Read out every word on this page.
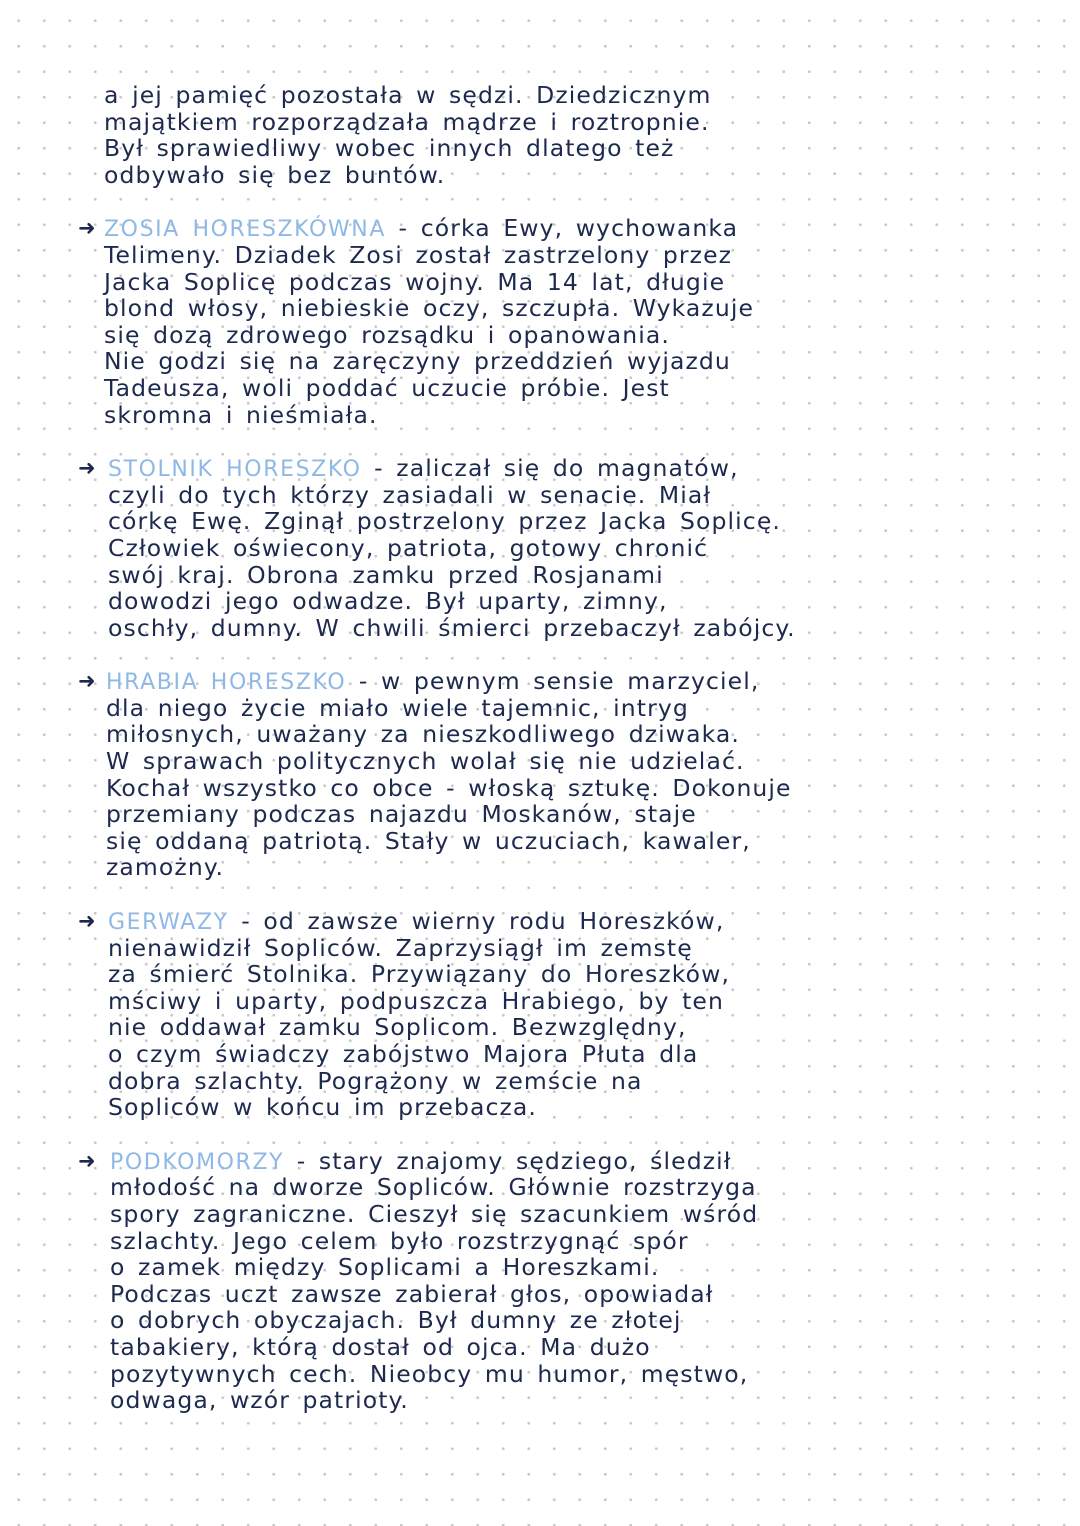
a jej pamięć pozostała w sędzi. Dziedzicznym
majątkiem rozporządzała mądrze i roztropnie.
Był sprawiedliwy wobec innych dlatego też
odbywało się bez buntów.
➜ ZOSIA HORESZKÓWNA - córka Ewy, wychowanka
Telimeny. Dziadek Zosi został zastrzelony przez
Jacka Soplicę podczas wojny. Ma 14 lat, długie
blond włosy, niebieskie oczy, szczupła. Wykazuje
się dozą zdrowego rozsądku i opanowania.
Nie godzi się na zaręczyny przeddzień wyjazdu
Tadeusza, woli poddać uczucie próbie. Jest
skromna i nieśmiała.
➜ STOLNIK HORESZKO - zaliczał się do magnatów,
czyli do tych którzy zasiadali w senacie. Miał
córkę Ewę. Zginął postrzelony przez Jacka Soplicę.
Człowiek oświecony, patriota, gotowy chronić
swój kraj. Obrona zamku przed Rosjanami
dowodzi jego odwadze. Był uparty, zimny,
oschły, dumny. W chwili śmierci przebaczył zabójcy.
➜ HRABIA HORESZKO - w pewnym sensie marzyciel,
dla niego życie miało wiele tajemnic, intryg
miłosnych, uważany za nieszkodliwego dziwaka.
W sprawach politycznych wolał się nie udzielać.
Kochał wszystko co obce - włoską sztukę. Dokonuje
przemiany podczas najazdu Moskanów, staje
się oddaną patriotą. Stały w uczuciach, kawaler,
zamożny.
➜ GERWAZY - od zawsze wierny rodu Horeszków,
nienawidził Sopliców. Zaprzysiągł im zemstę
za śmierć Stolnika. Przywiązany do Horeszków,
mściwy i uparty, podpuszcza Hrabiego, by ten
nie oddawał zamku Soplicom. Bezwzględny,
o czym świadczy zabójstwo Majora Płuta dla
dobra szlachty. Pogrążony w zemście na
Sopliców w końcu im przebacza.
➜ PODKOMORZY - stary znajomy sędziego, śledził
młodość na dworze Sopliców. Głównie rozstrzyga
spory zagraniczne. Cieszył się szacunkiem wśród
szlachty. Jego celem było rozstrzygnąć spór
o zamek między Soplicami a Horeszkami.
Podczas uczt zawsze zabierał głos, opowiadał
o dobrych obyczajach. Był dumny ze złotej
tabakiery, którą dostał od ojca. Ma dużo
pozytywnych cech. Nieobcy mu humor, męstwo,
odwaga, wzór patrioty.
